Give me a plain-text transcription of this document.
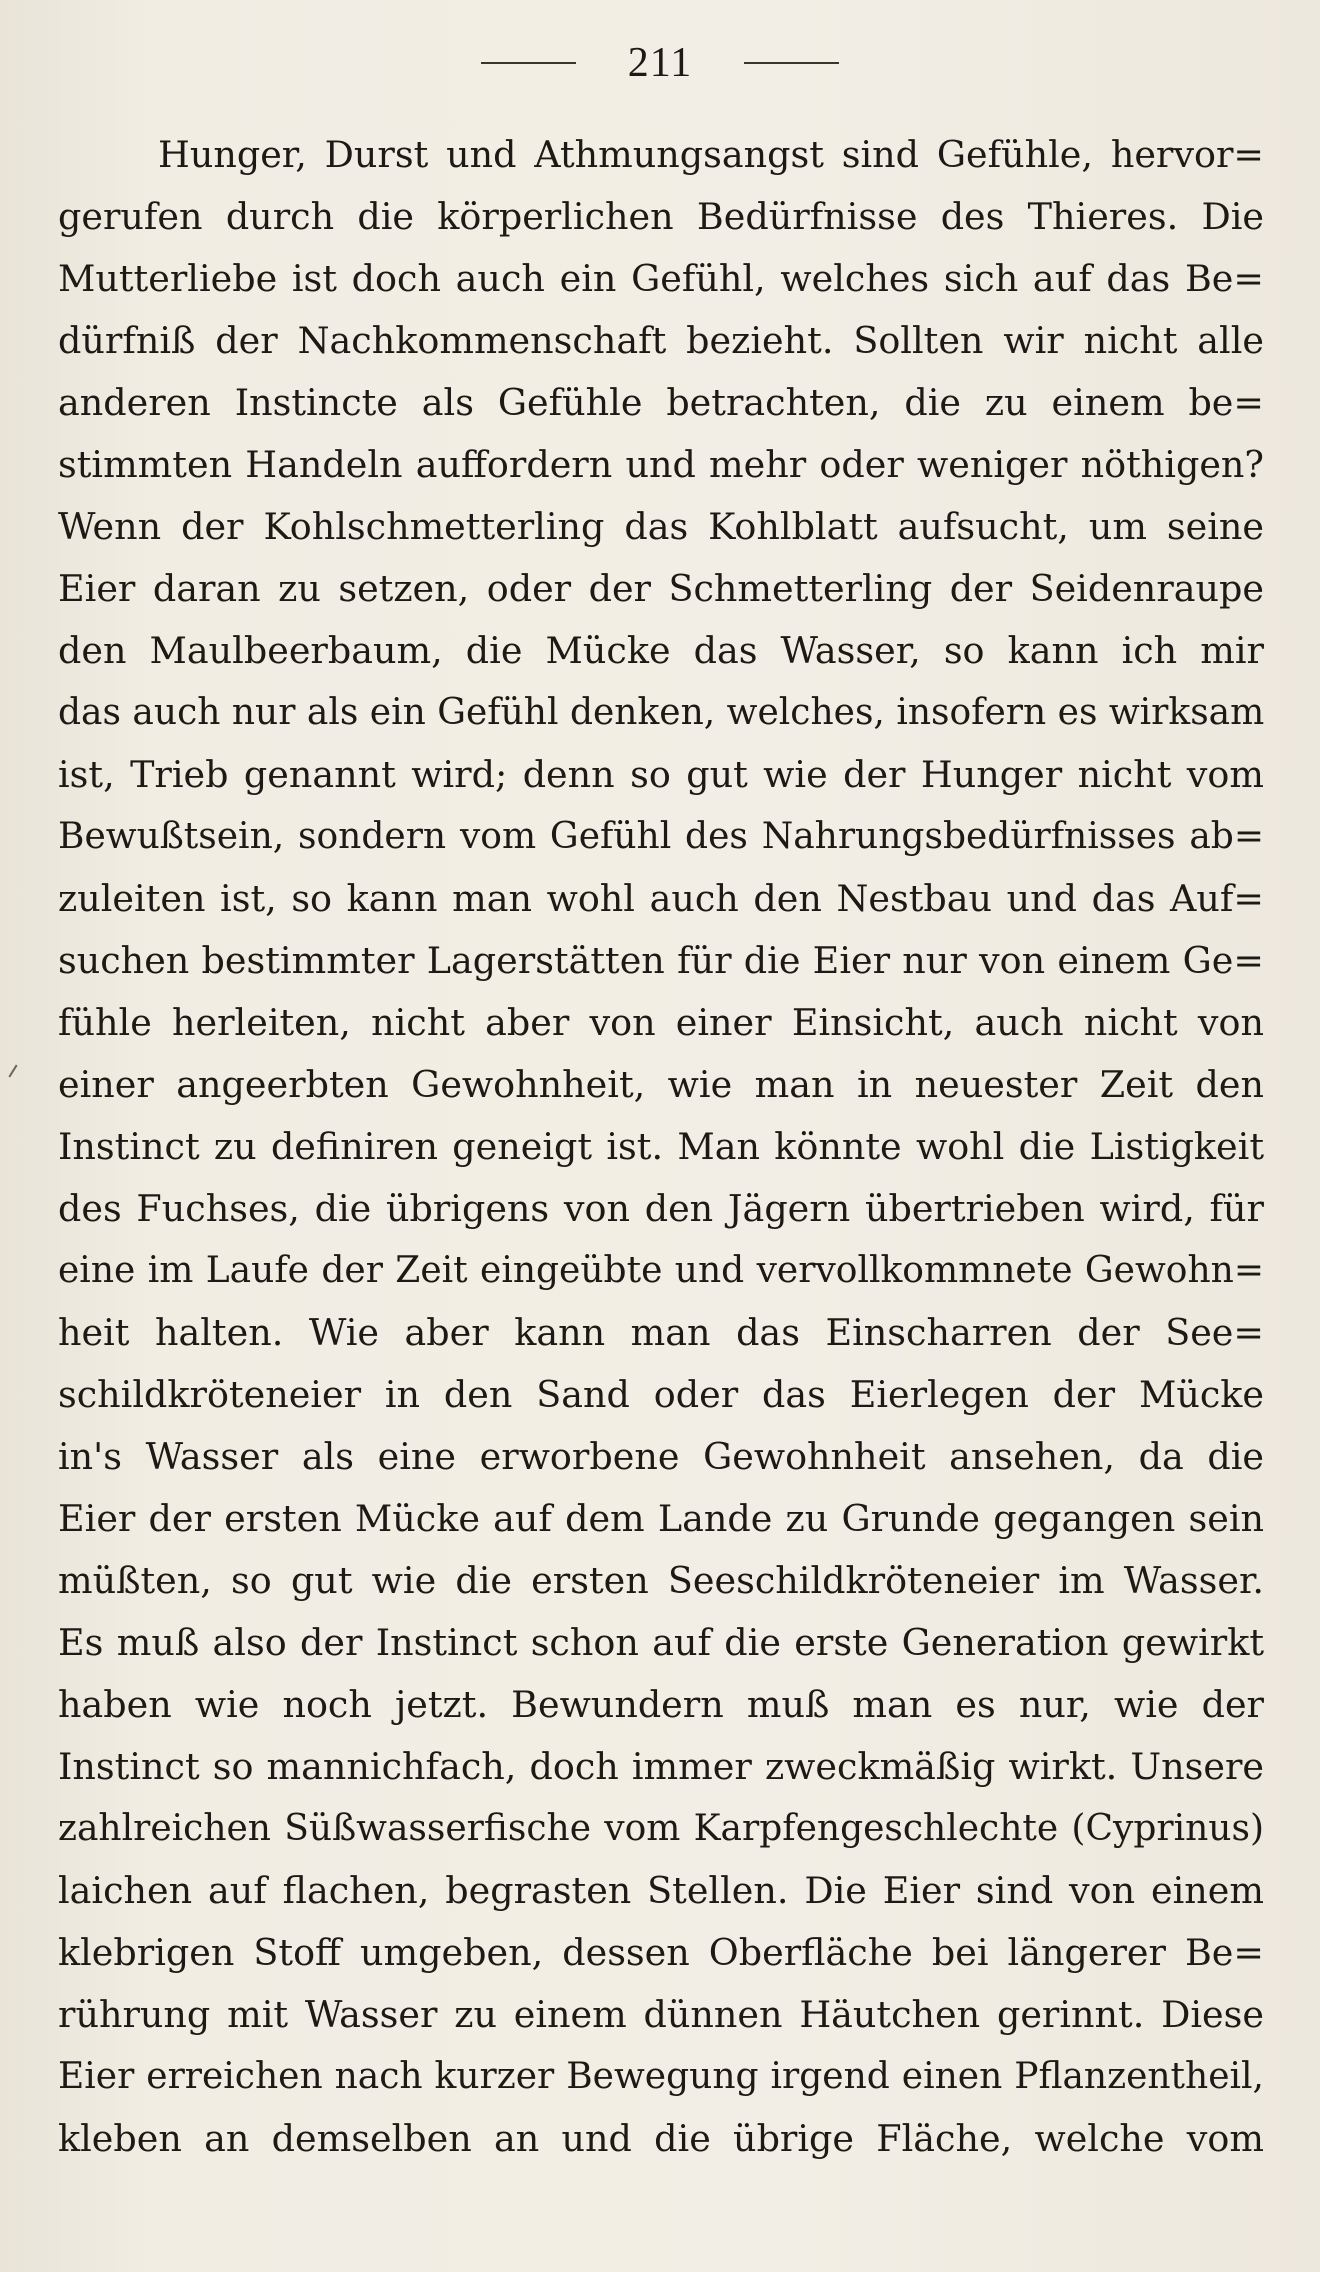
211
Hunger, Durst und Athmungsangst sind Gefühle, hervor=
gerufen durch die körperlichen Bedürfnisse des Thieres. Die
Mutterliebe ist doch auch ein Gefühl, welches sich auf das Be=
dürfniß der Nachkommenschaft bezieht. Sollten wir nicht alle
anderen Instincte als Gefühle betrachten, die zu einem be=
stimmten Handeln auffordern und mehr oder weniger nöthigen?
Wenn der Kohlschmetterling das Kohlblatt aufsucht, um seine
Eier daran zu setzen, oder der Schmetterling der Seidenraupe
den Maulbeerbaum, die Mücke das Wasser, so kann ich mir
das auch nur als ein Gefühl denken, welches, insofern es wirksam
ist, Trieb genannt wird; denn so gut wie der Hunger nicht vom
Bewußtsein, sondern vom Gefühl des Nahrungsbedürfnisses ab=
zuleiten ist, so kann man wohl auch den Nestbau und das Auf=
suchen bestimmter Lagerstätten für die Eier nur von einem Ge=
fühle herleiten, nicht aber von einer Einsicht, auch nicht von
einer angeerbten Gewohnheit, wie man in neuester Zeit den
Instinct zu definiren geneigt ist. Man könnte wohl die Listigkeit
des Fuchses, die übrigens von den Jägern übertrieben wird, für
eine im Laufe der Zeit eingeübte und vervollkommnete Gewohn=
heit halten. Wie aber kann man das Einscharren der See=
schildkröteneier in den Sand oder das Eierlegen der Mücke
in's Wasser als eine erworbene Gewohnheit ansehen, da die
Eier der ersten Mücke auf dem Lande zu Grunde gegangen sein
müßten, so gut wie die ersten Seeschildkröteneier im Wasser.
Es muß also der Instinct schon auf die erste Generation gewirkt
haben wie noch jetzt. Bewundern muß man es nur, wie der
Instinct so mannichfach, doch immer zweckmäßig wirkt. Unsere
zahlreichen Süßwasserfische vom Karpfengeschlechte (Cyprinus)
laichen auf flachen, begrasten Stellen. Die Eier sind von einem
klebrigen Stoff umgeben, dessen Oberfläche bei längerer Be=
rührung mit Wasser zu einem dünnen Häutchen gerinnt. Diese
Eier erreichen nach kurzer Bewegung irgend einen Pflanzentheil,
kleben an demselben an und die übrige Fläche, welche vom
